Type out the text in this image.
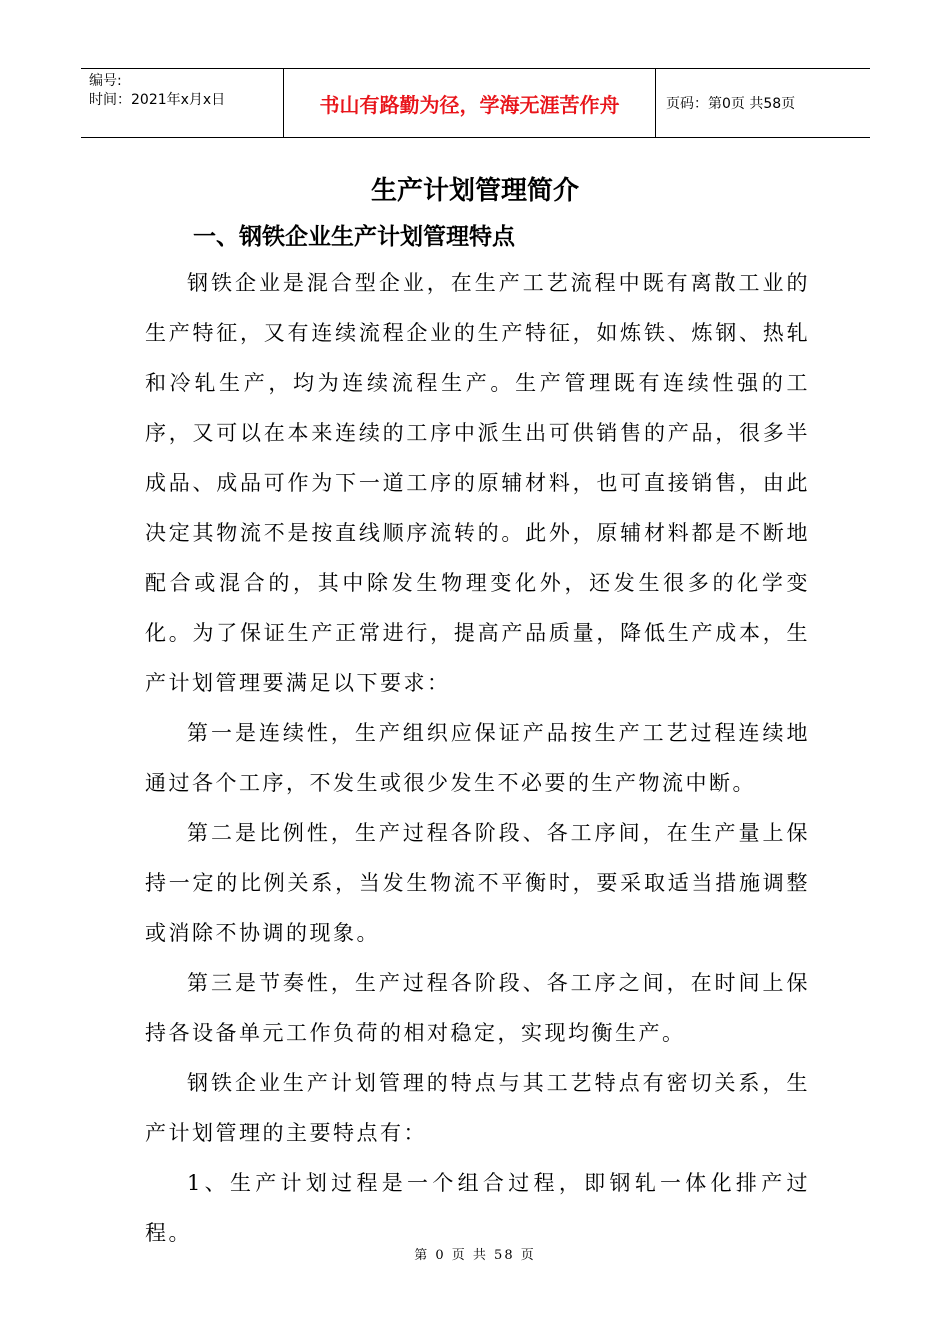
编号:
时间：2021年x月x日	书山有路勤为径，学海无涯苦作舟	页码：第0页 共58页
生产计划管理简介
一、钢铁企业生产计划管理特点

钢铁企业是混合型企业，在生产工艺流程中既有离散工业的生产特征，又有连续流程企业的生产特征，如炼铁、炼钢、热轧和冷轧生产，均为连续流程生产。生产管理既有连续性强的工序，又可以在本来连续的工序中派生出可供销售的产品，很多半成品、成品可作为下一道工序的原辅材料，也可直接销售，由此决定其物流不是按直线顺序流转的。此外，原辅材料都是不断地配合或混合的，其中除发生物理变化外，还发生很多的化学变化。为了保证生产正常进行，提高产品质量，降低生产成本，生产计划管理要满足以下要求：

第一是连续性，生产组织应保证产品按生产工艺过程连续地通过各个工序，不发生或很少发生不必要的生产物流中断。

第二是比例性，生产过程各阶段、各工序间，在生产量上保持一定的比例关系，当发生物流不平衡时，要采取适当措施调整或消除不协调的现象。

第三是节奏性，生产过程各阶段、各工序之间，在时间上保持各设备单元工作负荷的相对稳定，实现均衡生产。

钢铁企业生产计划管理的特点与其工艺特点有密切关系，生产计划管理的主要特点有：

1、生产计划过程是一个组合过程，即钢轧一体化排产过程。

第 0 页 共 58 页
